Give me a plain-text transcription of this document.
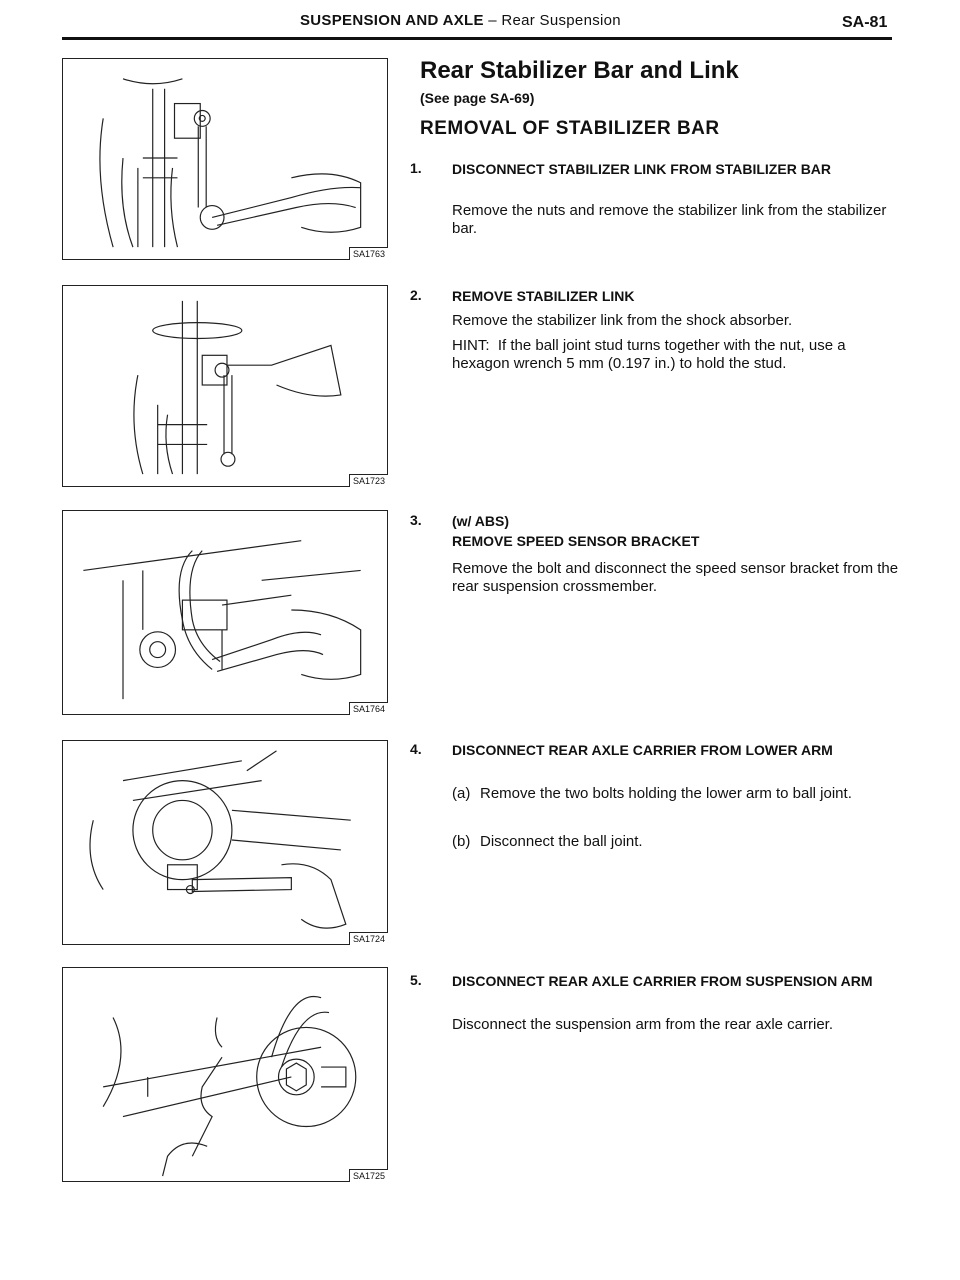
SUSPENSION AND AXLE – Rear Suspension	SA-81
SA1763
SA1723
SA1764
SA1724
SA1725
Rear Stabilizer Bar and Link
(See page SA-69)
REMOVAL OF STABILIZER BAR
1. DISCONNECT STABILIZER LINK FROM STABILIZER BAR
Remove the nuts and remove the stabilizer link from the stabilizer bar.
2. REMOVE STABILIZER LINK
Remove the stabilizer link from the shock absorber.
HINT: If the ball joint stud turns together with the nut, use a hexagon wrench 5 mm (0.197 in.) to hold the stud.
3. (w/ ABS)
REMOVE SPEED SENSOR BRACKET
Remove the bolt and disconnect the speed sensor bracket from the rear suspension crossmember.
4. DISCONNECT REAR AXLE CARRIER FROM LOWER ARM
(a) Remove the two bolts holding the lower arm to ball joint.
(b) Disconnect the ball joint.
5. DISCONNECT REAR AXLE CARRIER FROM SUSPENSION ARM
Disconnect the suspension arm from the rear axle carrier.
